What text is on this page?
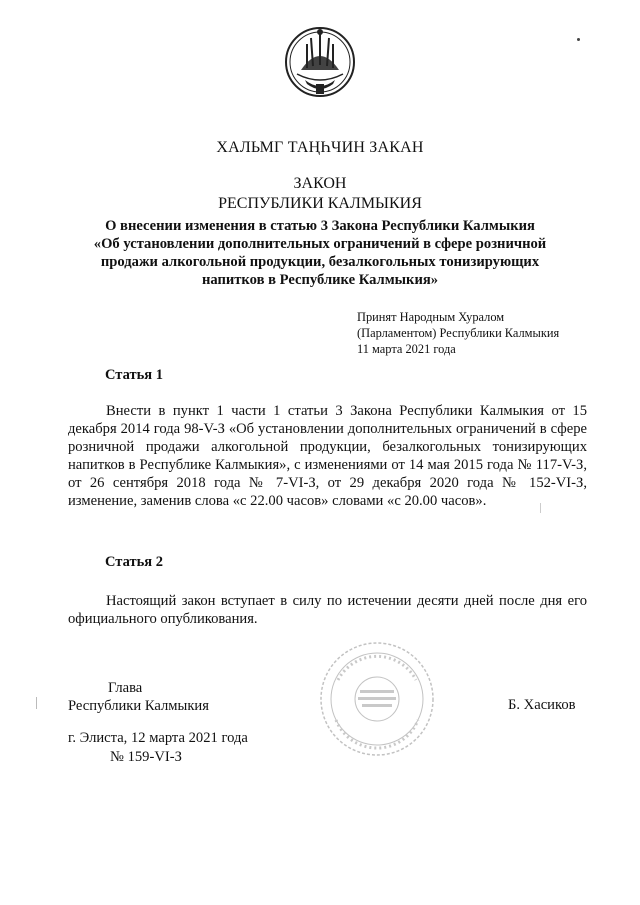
ХАЛЬМГ ТАҢҺЧИН ЗАКАН
ЗАКОН
РЕСПУБЛИКИ КАЛМЫКИЯ
О внесении изменения в статью 3 Закона Республики Калмыкия
«Об установлении дополнительных ограничений в сфере розничной
продажи алкогольной продукции, безалкогольных тонизирующих
напитков в Республике Калмыкия»
Принят Народным Хуралом
(Парламентом) Республики Калмыкия
11 марта 2021 года
Статья 1

Внести в пункт 1 части 1 статьи 3 Закона Республики Калмыкия от 15 декабря 2014 года 98-V-З «Об установлении дополнительных ограничений в сфере розничной продажи алкогольной продукции, безалкогольных тонизирующих напитков в Республике Калмыкия», с изменениями от 14 мая 2015 года № 117-V-З, от 26 сентября 2018 года № 7-VI-З, от 29 декабря 2020 года № 152-VI-З, изменение, заменив слова «с 22.00 часов» словами «с 20.00 часов».

Статья 2

Настоящий закон вступает в силу по истечении десяти дней после дня его официального опубликования.

Глава
Республики Калмыкия	Б. Хасиков
г. Элиста, 12 марта 2021 года
№ 159-VI-З
